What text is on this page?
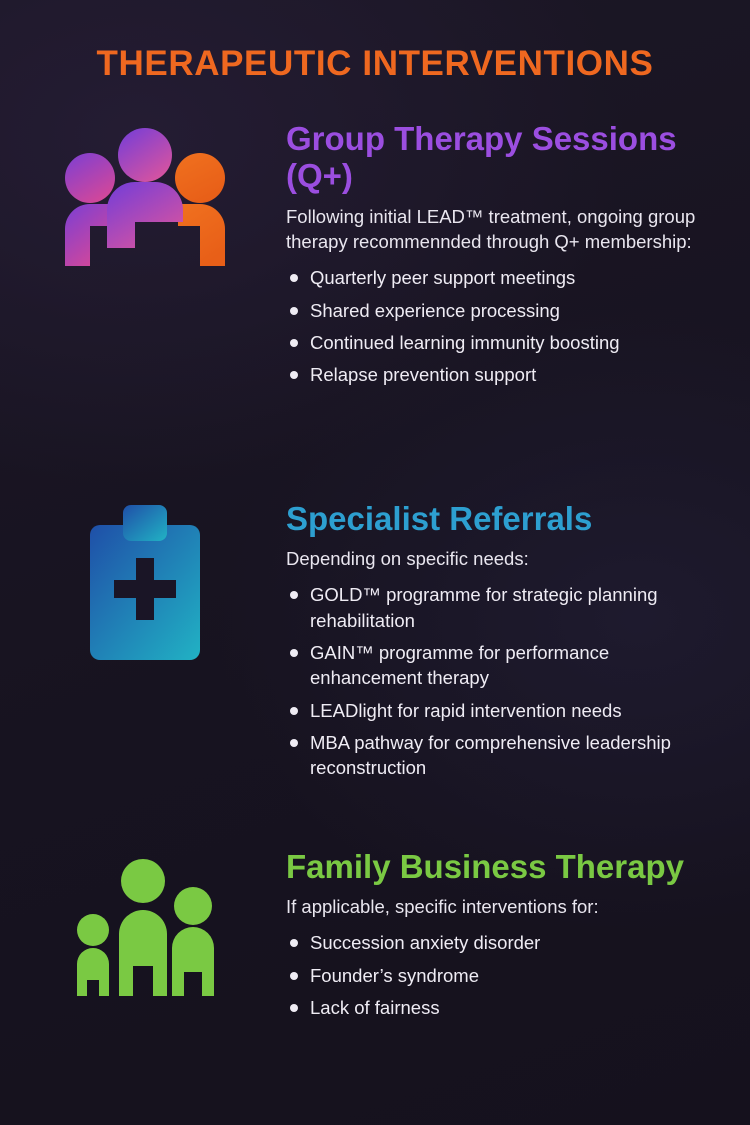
THERAPEUTIC INTERVENTIONS
Group Therapy Sessions (Q+)

Following initial LEAD™ treatment, ongoing group therapy recommennded through Q+ membership:

Quarterly peer support meetings
Shared experience processing
Continued learning immunity boosting
Relapse prevention support
Specialist Referrals

Depending on specific needs:

GOLD™ programme for strategic planning rehabilitation
GAIN™ programme for performance enhancement therapy
LEADlight for rapid intervention needs
MBA pathway for comprehensive leadership reconstruction
Family Business Therapy

If applicable, specific interventions for:

Succession anxiety disorder
Founder’s syndrome
Lack of fairness
